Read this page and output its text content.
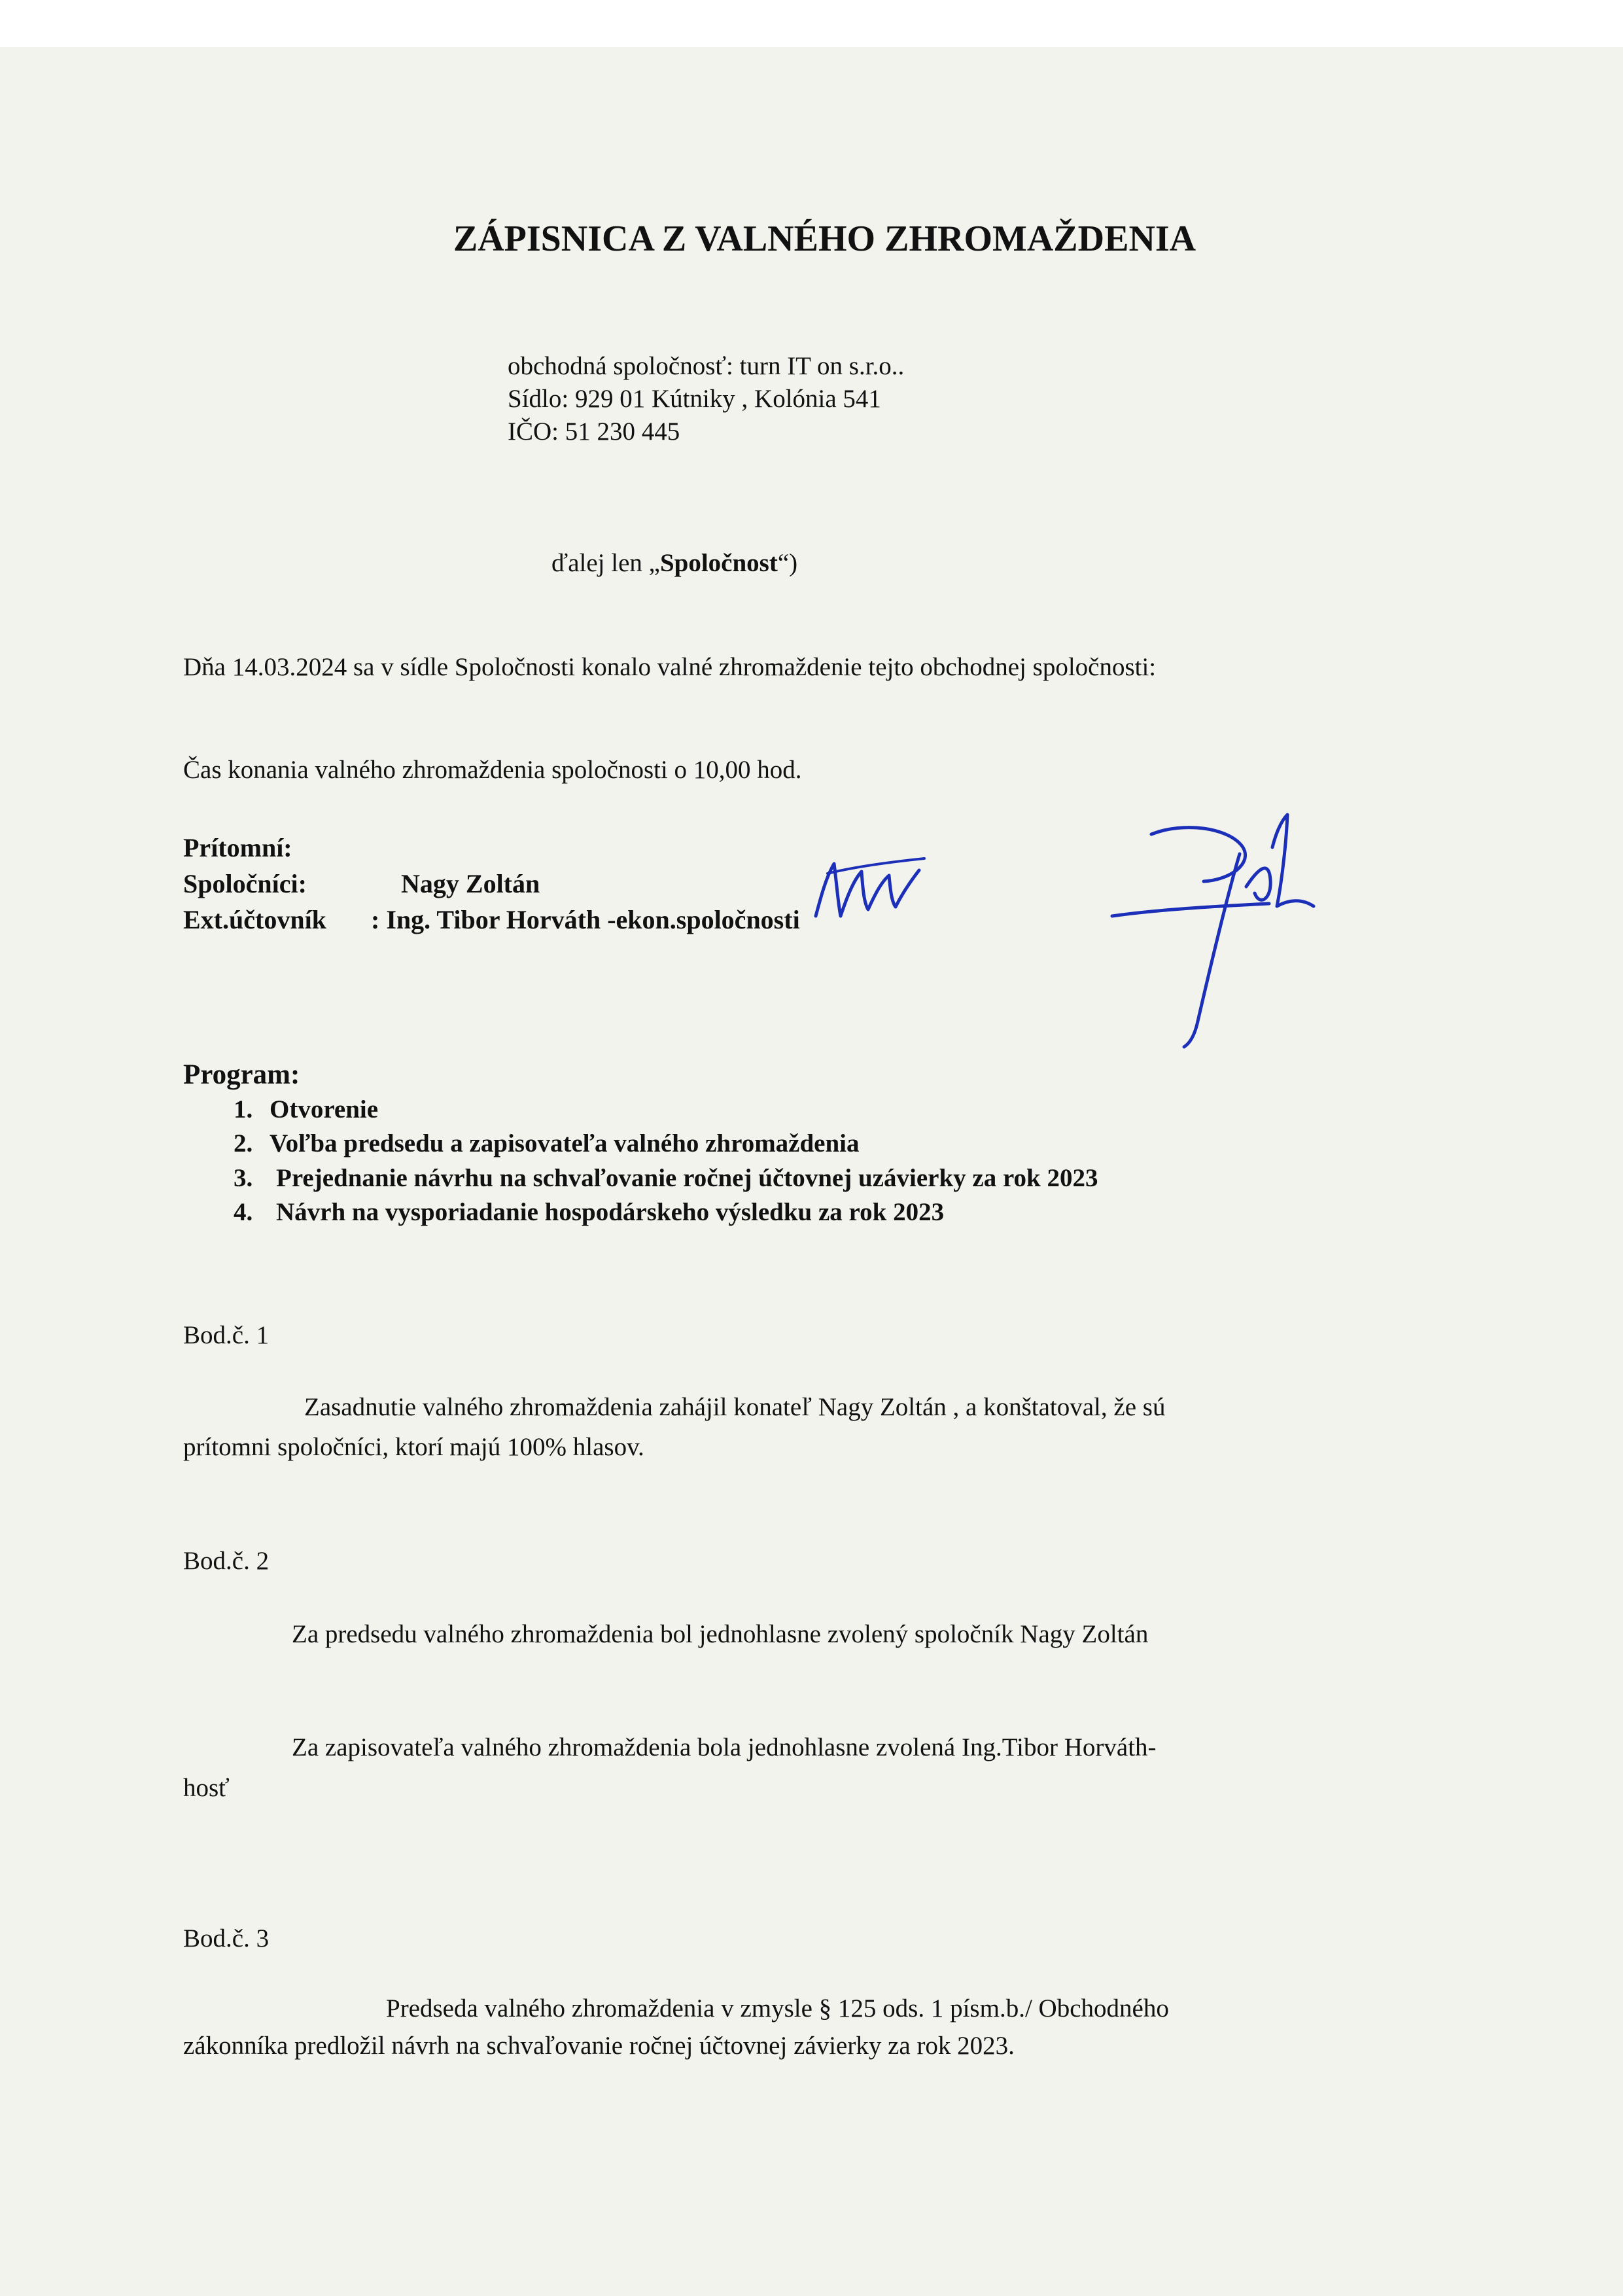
ZÁPISNICA Z VALNÉHO ZHROMAŽDENIA
obchodná spoločnosť: turn IT on s.r.o..
Sídlo: 929 01 Kútniky , Kolónia 541
IČO: 51 230 445
ďalej len „Spoločnost“)
Dňa 14.03.2024 sa v sídle Spoločnosti konalo valné zhromaždenie tejto obchodnej spoločnosti:
Čas konania valného zhromaždenia spoločnosti o 10,00 hod.
Prítomní:
Spoločníci:	Nagy Zoltán
Ext.účtovník : Ing. Tibor Horváth -ekon.spoločnosti
Program:
1. Otvorenie
2. Voľba predsedu a zapisovateľa valného zhromaždenia
3. Prejednanie návrhu na schvaľovanie ročnej účtovnej uzávierky za rok 2023
4. Návrh na vysporiadanie hospodárskeho výsledku za rok 2023
Bod.č. 1
Zasadnutie valného zhromaždenia zahájil konateľ Nagy Zoltán , a konštatoval, že sú
prítomni spoločníci, ktorí majú 100% hlasov.
Bod.č. 2
Za predsedu valného zhromaždenia bol jednohlasne zvolený spoločník Nagy Zoltán
Za zapisovateľa valného zhromaždenia bola jednohlasne zvolená Ing.Tibor Horváth-
hosť
Bod.č. 3
Predseda valného zhromaždenia v zmysle § 125 ods. 1 písm.b./ Obchodného
zákonníka predložil návrh na schvaľovanie ročnej účtovnej závierky za rok 2023.
